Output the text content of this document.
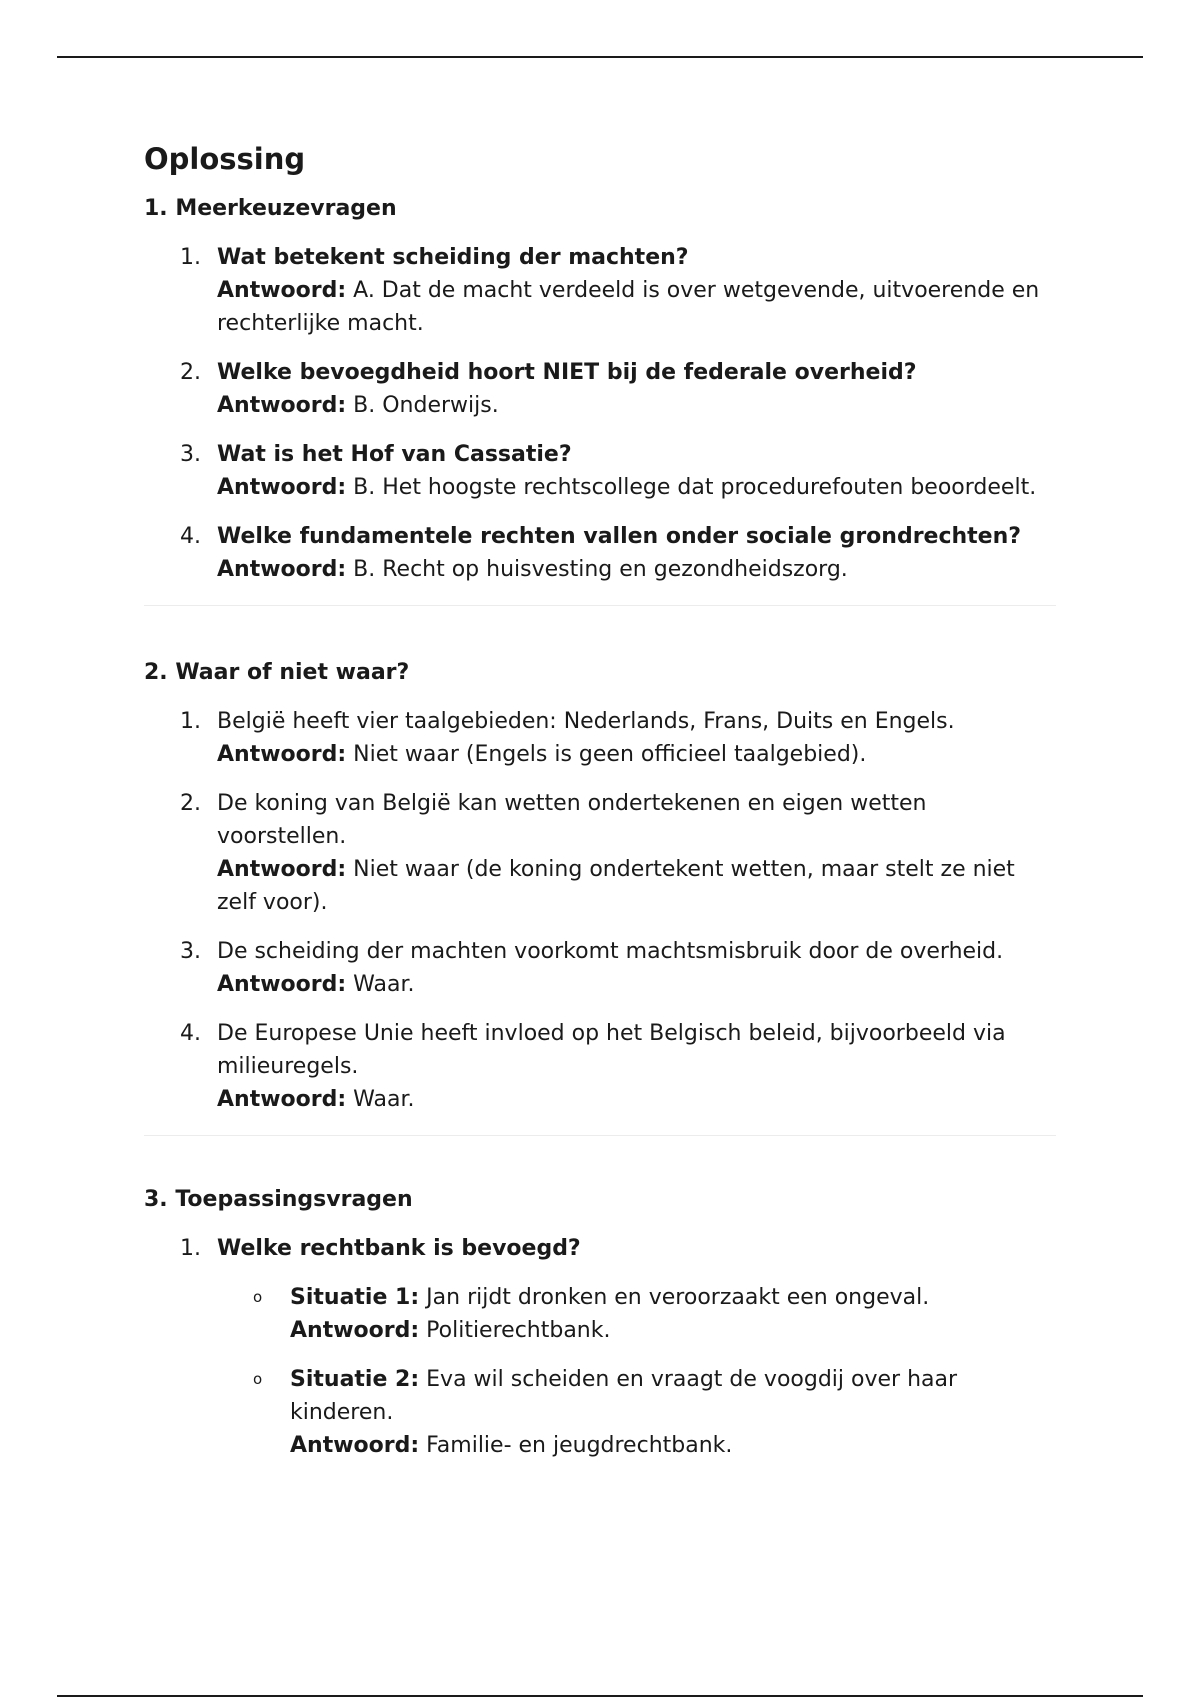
Oplossing
1. Meerkeuzevragen
1. Wat betekent scheiding der machten?
Antwoord: A. Dat de macht verdeeld is over wetgevende, uitvoerende en rechterlijke macht.
2. Welke bevoegdheid hoort NIET bij de federale overheid?
Antwoord: B. Onderwijs.
3. Wat is het Hof van Cassatie?
Antwoord: B. Het hoogste rechtscollege dat procedurefouten beoordeelt.
4. Welke fundamentele rechten vallen onder sociale grondrechten?
Antwoord: B. Recht op huisvesting en gezondheidszorg.
2. Waar of niet waar?
1. België heeft vier taalgebieden: Nederlands, Frans, Duits en Engels.
Antwoord: Niet waar (Engels is geen officieel taalgebied).
2. De koning van België kan wetten ondertekenen en eigen wetten voorstellen.
Antwoord: Niet waar (de koning ondertekent wetten, maar stelt ze niet zelf voor).
3. De scheiding der machten voorkomt machtsmisbruik door de overheid.
Antwoord: Waar.
4. De Europese Unie heeft invloed op het Belgisch beleid, bijvoorbeeld via milieuregels.
Antwoord: Waar.
3. Toepassingsvragen
1. Welke rechtbank is bevoegd?
o Situatie 1: Jan rijdt dronken en veroorzaakt een ongeval.
Antwoord: Politierechtbank.
o Situatie 2: Eva wil scheiden en vraagt de voogdij over haar kinderen.
Antwoord: Familie- en jeugdrechtbank.
